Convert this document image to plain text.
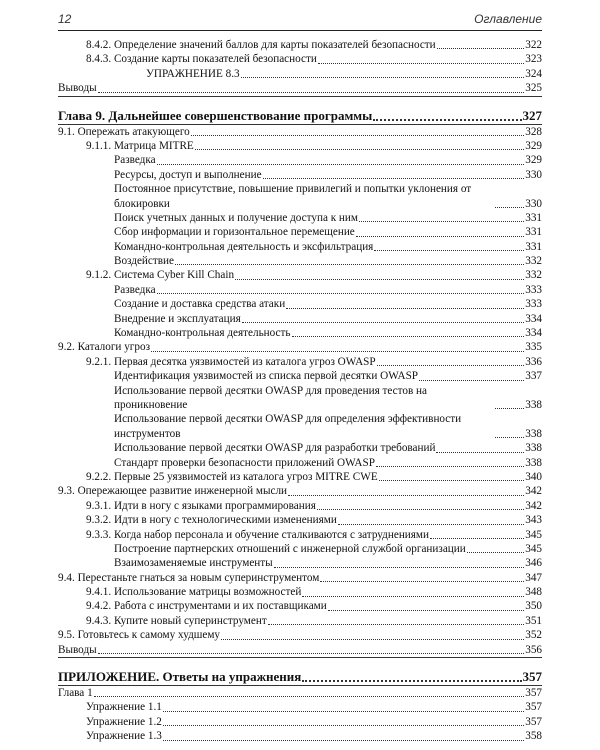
12	Оглавление
8.4.2. Определение значений баллов для карты показателей безопасности	322
8.4.3. Создание карты показателей безопасности	323
УПРАЖНЕНИЕ 8.3	324
Выводы	325
Глава 9. Дальнейшее совершенствование программы	327
9.1. Опережать атакующего	328
9.1.1. Матрица MITRE	329
Разведка	329
Ресурсы, доступ и выполнение	330
Постоянное присутствие, повышение привилегий и попытки уклонения от блокировки	330
Поиск учетных данных и получение доступа к ним	331
Сбор информации и горизонтальное перемещение	331
Командно-контрольная деятельность и эксфильтрация	331
Воздействие	332
9.1.2. Система Cyber Kill Chain	332
Разведка	333
Создание и доставка средства атаки	333
Внедрение и эксплуатация	334
Командно-контрольная деятельность	334
9.2. Каталоги угроз	335
9.2.1. Первая десятка уязвимостей из каталога угроз OWASP	336
Идентификация уязвимостей из списка первой десятки OWASP	337
Использование первой десятки OWASP для проведения тестов на проникновение	338
Использование первой десятки OWASP для определения эффективности инструментов	338
Использование первой десятки OWASP для разработки требований	338
Стандарт проверки безопасности приложений OWASP	338
9.2.2. Первые 25 уязвимостей из каталога угроз MITRE CWE	340
9.3. Опережающее развитие инженерной мысли	342
9.3.1. Идти в ногу с языками программирования	342
9.3.2. Идти в ногу с технологическими изменениями	343
9.3.3. Когда набор персонала и обучение сталкиваются с затруднениями	345
Построение партнерских отношений с инженерной службой организации	345
Взаимозаменяемые инструменты	346
9.4. Перестаньте гнаться за новым суперинструментом	347
9.4.1. Использование матрицы возможностей	348
9.4.2. Работа с инструментами и их поставщиками	350
9.4.3. Купите новый суперинструмент	351
9.5. Готовьтесь к самому худшему	352
Выводы	356
ПРИЛОЖЕНИЕ. Ответы на упражнения	357
Глава 1	357
Упражнение 1.1	357
Упражнение 1.2	357
Упражнение 1.3	358
